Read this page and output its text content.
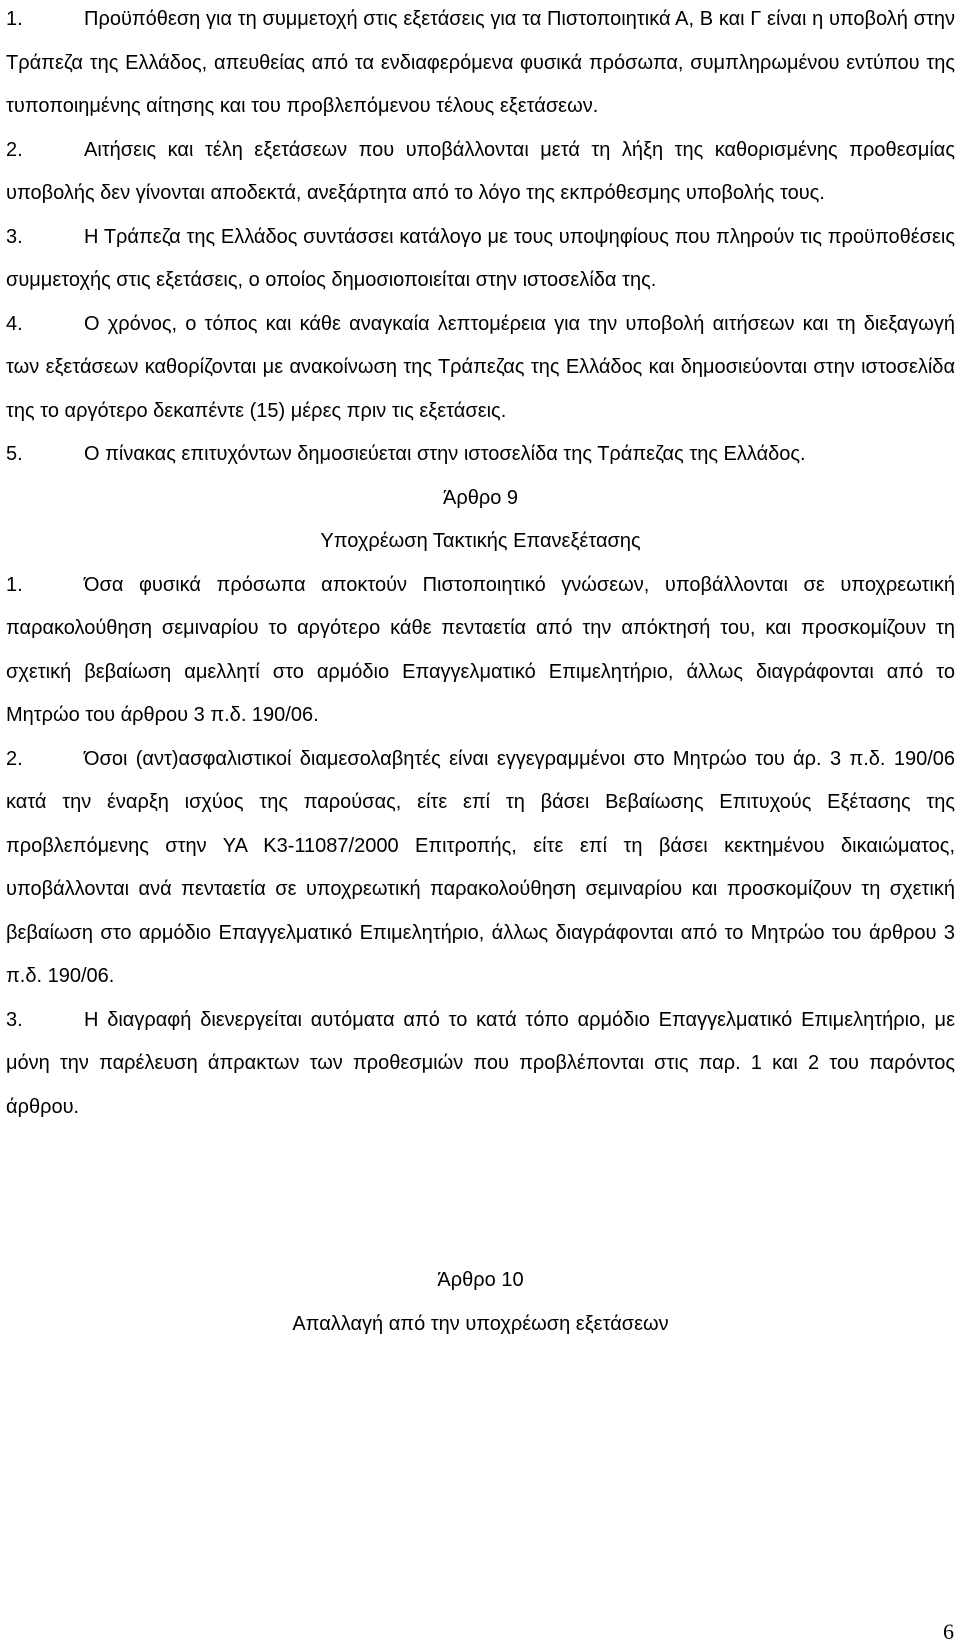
1.	Προϋπόθεση για τη συμμετοχή στις εξετάσεις για τα Πιστοποιητικά Α, Β και Γ είναι η υποβολή στην Τράπεζα της Ελλάδος, απευθείας από τα ενδιαφερόμενα φυσικά πρόσωπα, συμπληρωμένου εντύπου της τυποποιημένης αίτησης και του προβλεπόμενου τέλους εξετάσεων.

2.	Αιτήσεις και τέλη εξετάσεων που υποβάλλονται μετά τη λήξη της καθορισμένης προθεσμίας υποβολής δεν γίνονται αποδεκτά, ανεξάρτητα από το λόγο της εκπρόθεσμης υποβολής τους.

3.	Η Τράπεζα της Ελλάδος συντάσσει κατάλογο με τους υποψηφίους που πληρούν τις προϋποθέσεις συμμετοχής στις εξετάσεις, ο οποίος δημοσιοποιείται στην ιστοσελίδα της.

4.	Ο χρόνος, ο τόπος και κάθε αναγκαία λεπτομέρεια για την υποβολή αιτήσεων και τη διεξαγωγή των εξετάσεων καθορίζονται με ανακοίνωση της Τράπεζας της Ελλάδος και δημοσιεύονται στην ιστοσελίδα της το αργότερο δεκαπέντε (15) μέρες πριν τις εξετάσεις.

5.	Ο πίνακας επιτυχόντων δημοσιεύεται στην ιστοσελίδα της Τράπεζας της Ελλάδος.

Άρθρο 9

Υποχρέωση Τακτικής Επανεξέτασης

1.	Όσα φυσικά πρόσωπα αποκτούν Πιστοποιητικό γνώσεων, υποβάλλονται σε υποχρεωτική παρακολούθηση σεμιναρίου το αργότερο κάθε πενταετία από την απόκτησή του, και προσκομίζουν τη σχετική βεβαίωση αμελλητί στο αρμόδιο Επαγγελματικό Επιμελητήριο, άλλως διαγράφονται από το Μητρώο του άρθρου 3 π.δ. 190/06.

2.	Όσοι (αντ)ασφαλιστικοί διαμεσολαβητές είναι εγγεγραμμένοι στο Μητρώο του άρ. 3 π.δ. 190/06 κατά την έναρξη ισχύος της παρούσας, είτε επί τη βάσει Βεβαίωσης Επιτυχούς Εξέτασης της προβλεπόμενης στην ΥΑ Κ3-11087/2000 Επιτροπής, είτε επί τη βάσει κεκτημένου δικαιώματος, υποβάλλονται ανά πενταετία σε υποχρεωτική παρακολούθηση σεμιναρίου και προσκομίζουν τη σχετική βεβαίωση στο αρμόδιο Επαγγελματικό Επιμελητήριο, άλλως διαγράφονται από το Μητρώο του άρθρου 3 π.δ. 190/06.

3.	Η διαγραφή διενεργείται αυτόματα από το κατά τόπο αρμόδιο Επαγγελματικό Επιμελητήριο, με μόνη την παρέλευση άπρακτων των προθεσμιών που προβλέπονται στις παρ. 1 και 2 του παρόντος άρθρου.

Άρθρο 10

Απαλλαγή από την υποχρέωση εξετάσεων

6
